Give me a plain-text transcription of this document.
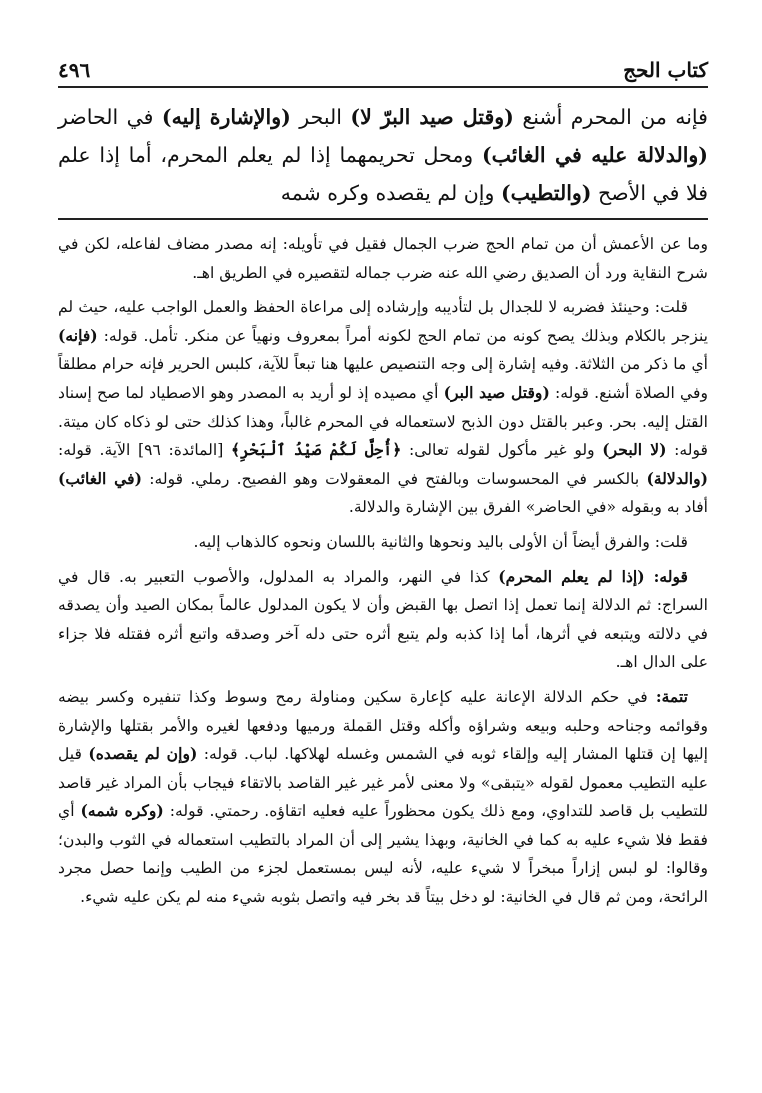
كتاب الحج
٤٩٦
فإنه من المحرم أشنع (وقتل صيد البرّ لا) البحر (والإشارة إليه) في الحاضر (والدلالة عليه في الغائب) ومحل تحريمهما إذا لم يعلم المحرم، أما إذا علم فلا في الأصح (والتطيب) وإن لم يقصده وكره شمه

وما عن الأعمش أن من تمام الحج ضرب الجمال فقيل في تأويله: إنه مصدر مضاف لفاعله، لكن في شرح النقاية ورد أن الصديق رضي الله عنه ضرب جماله لتقصيره في الطريق اهـ.

قلت: وحينئذ فضربه لا للجدال بل لتأديبه وإرشاده إلى مراعاة الحفظ والعمل الواجب عليه، حيث لم ينزجر بالكلام وبذلك يصح كونه من تمام الحج لكونه أمراً بمعروف ونهياً عن منكر. تأمل. قوله: (فإنه) أي ما ذكر من الثلاثة. وفيه إشارة إلى وجه التنصيص عليها هنا تبعاً للآية، كلبس الحرير فإنه حرام مطلقاً وفي الصلاة أشنع. قوله: (وقتل صيد البر) أي مصيده إذ لو أريد به المصدر وهو الاصطياد لما صح إسناد القتل إليه. بحر. وعبر بالقتل دون الذبح لاستعماله في المحرم غالباً، وهذا كذلك حتى لو ذكاه كان ميتة. قوله: (لا البحر) ولو غير مأكول لقوله تعالى: ﴿أُحِلَّ لَكُمْ صَيْدُ ٱلْبَحْرِ﴾ [المائدة: ٩٦] الآية. قوله: (والدلالة) بالكسر في المحسوسات وبالفتح في المعقولات وهو الفصيح. رملي. قوله: (في الغائب) أفاد به وبقوله «في الحاضر» الفرق بين الإشارة والدلالة.

قلت: والفرق أيضاً أن الأولى باليد ونحوها والثانية باللسان ونحوه كالذهاب إليه.

قوله: (إذا لم يعلم المحرم) كذا في النهر، والمراد به المدلول، والأصوب التعبير به. قال في السراج: ثم الدلالة إنما تعمل إذا اتصل بها القبض وأن لا يكون المدلول عالماً بمكان الصيد وأن يصدقه في دلالته ويتبعه في أثرها، أما إذا كذبه ولم يتبع أثره حتى دله آخر وصدقه واتبع أثره فقتله فلا جزاء على الدال اهـ.

تتمة: في حكم الدلالة الإعانة عليه كإعارة سكين ومناولة رمح وسوط وكذا تنفيره وكسر بيضه وقوائمه وجناحه وحلبه وبيعه وشراؤه وأكله وقتل القملة ورميها ودفعها لغيره والأمر بقتلها والإشارة إليها إن قتلها المشار إليه وإلقاء ثوبه في الشمس وغسله لهلاكها. لباب. قوله: (وإن لم يقصده) قيل عليه التطيب معمول لقوله «يتبقى» ولا معنى لأمر غير غير القاصد بالاتقاء فيجاب بأن المراد غير قاصد للتطيب بل قاصد للتداوي، ومع ذلك يكون محظوراً عليه فعليه اتقاؤه. رحمتي. قوله: (وكره شمه) أي فقط فلا شيء عليه به كما في الخانية، وبهذا يشير إلى أن المراد بالتطيب استعماله في الثوب والبدن؛ وقالوا: لو لبس إزاراً مبخراً لا شيء عليه، لأنه ليس بمستعمل لجزء من الطيب وإنما حصل مجرد الرائحة، ومن ثم قال في الخانية: لو دخل بيتاً قد بخر فيه واتصل بثوبه شيء منه لم يكن عليه شيء.
